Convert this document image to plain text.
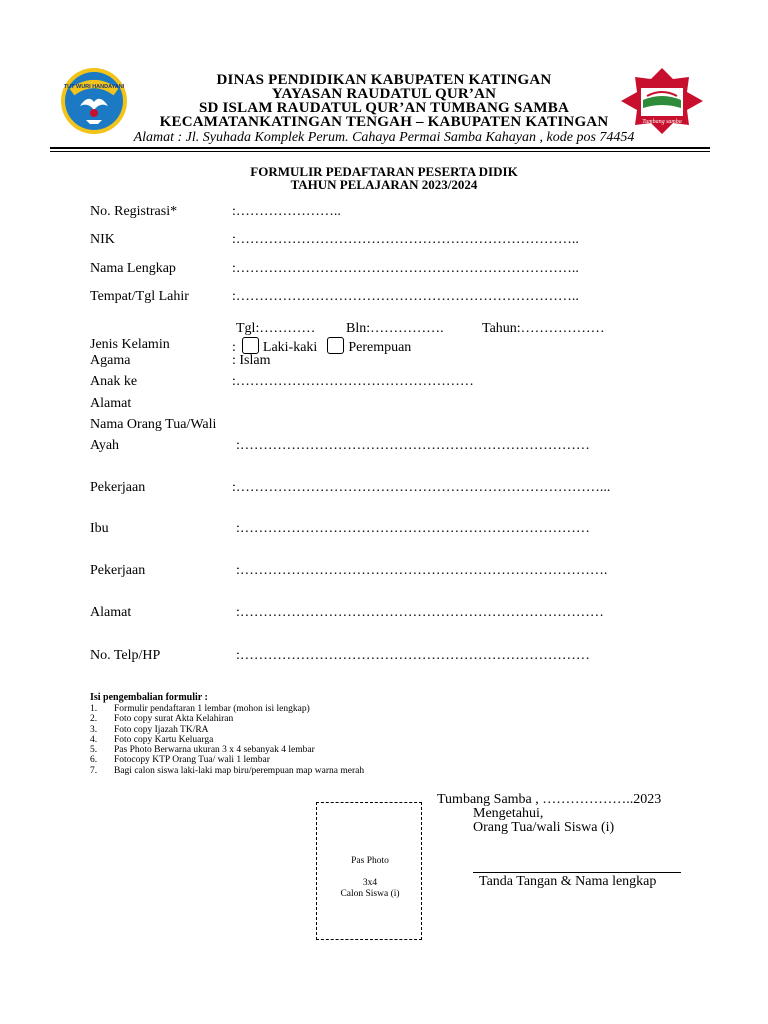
TUT WURI HANDAYANI
Tumbang samba
DINAS PENDIDIKAN KABUPATEN KATINGAN
YAYASAN RAUDATUL QUR’AN
SD ISLAM RAUDATUL QUR’AN TUMBANG SAMBA
KECAMATANKATINGAN TENGAH – KABUPATEN KATINGAN
Alamat : Jl. Syuhada Komplek Perum. Cahaya Permai Samba Kahayan , kode pos 74454
FORMULIR PEDAFTARAN PESERTA DIDIK
TAHUN PELAJARAN 2023/2024
No. Registrasi*	:…………………..
NIK	:………………………………………………………………..
Nama Lengkap	:………………………………………………………………..
Tempat/Tgl Lahir	:………………………………………………………………..
Tgl:………… Bln:…………….	Tahun:………………
Jenis Kelamin	: Laki-kaki Perempuan
Agama	: Islam
Anak ke	:……………………………………………
Alamat
Nama Orang Tua/Wali
Ayah	:…………………………………………………………………
Pekerjaan	:……………………………………………………………………...
Ibu	:…………………………………………………………………
Pekerjaan	:…………………………………………………………………….
Alamat	:……………………………………………………………………
No. Telp/HP	:…………………………………………………………………
Isi pengembalian formulir :
1. Formulir pendaftaran 1 lembar (mohon isi lengkap)
2. Foto copy surat Akta Kelahiran
3. Foto copy Ijazah TK/RA
4. Foto copy Kartu Keluarga
5. Pas Photo Berwarna ukuran 3 x 4 sebanyak 4 lembar
6. Fotocopy KTP Orang Tua/ wali 1 lembar
7. Bagi calon siswa laki-laki map biru/perempuan map warna merah
Pas Photo
3x4
Calon Siswa (i)
Tumbang Samba , ………………..2023
Mengetahui,
Orang Tua/wali Siswa (i)
Tanda Tangan & Nama lengkap
